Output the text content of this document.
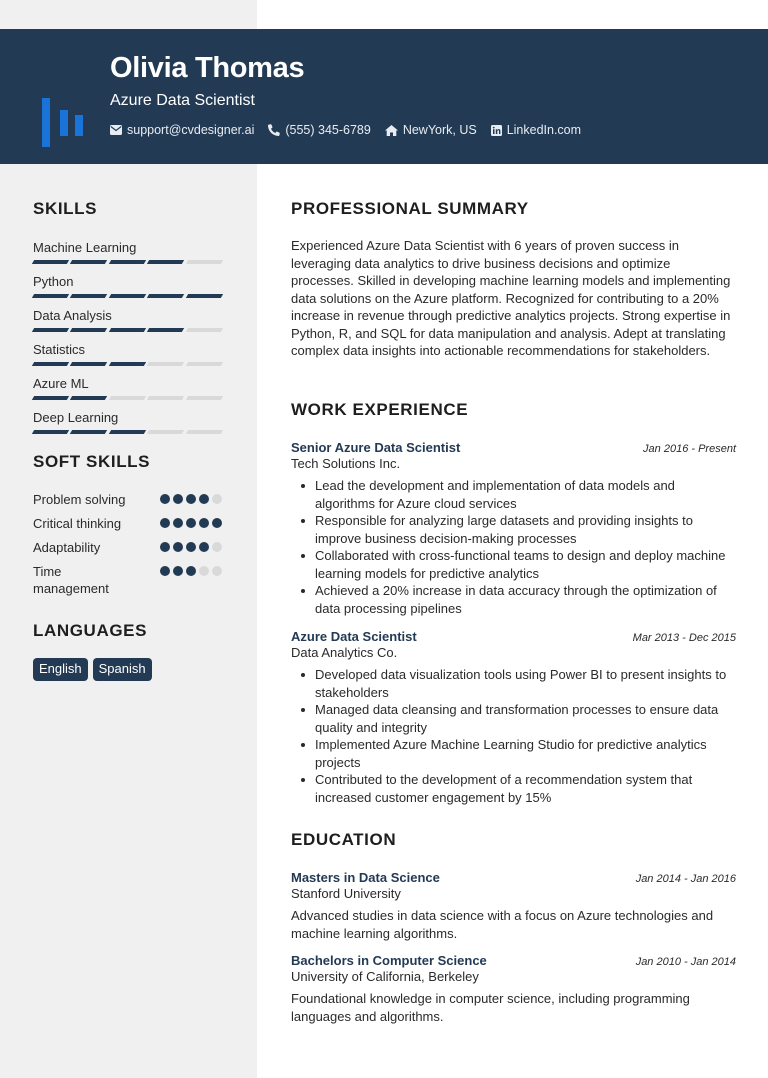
Olivia Thomas
Azure Data Scientist
support@cvdesigner.ai (555) 345-6789	NewYork, US LinkedIn.com
SKILLS
Machine Learning
Python
Data Analysis
Statistics
Azure ML
Deep Learning
SOFT SKILLS
Problem solving
Critical thinking
Adaptability
Time management
LANGUAGES
English	Spanish
PROFESSIONAL SUMMARY
Experienced Azure Data Scientist with 6 years of proven success in leveraging data analytics to drive business decisions and optimize processes. Skilled in developing machine learning models and implementing data solutions on the Azure platform. Recognized for contributing to a 20% increase in revenue through predictive analytics projects. Strong expertise in Python, R, and SQL for data manipulation and analysis. Adept at translating complex data insights into actionable recommendations for stakeholders.
WORK EXPERIENCE
Senior Azure Data Scientist	Jan 2016 - Present
Tech Solutions Inc.
Lead the development and implementation of data models and algorithms for Azure cloud services
Responsible for analyzing large datasets and providing insights to improve business decision-making processes
Collaborated with cross-functional teams to design and deploy machine learning models for predictive analytics
Achieved a 20% increase in data accuracy through the optimization of data processing pipelines
Azure Data Scientist	Mar 2013 - Dec 2015
Data Analytics Co.
Developed data visualization tools using Power BI to present insights to stakeholders
Managed data cleansing and transformation processes to ensure data quality and integrity
Implemented Azure Machine Learning Studio for predictive analytics projects
Contributed to the development of a recommendation system that increased customer engagement by 15%
EDUCATION
Masters in Data Science	Jan 2014 - Jan 2016
Stanford University
Advanced studies in data science with a focus on Azure technologies and machine learning algorithms.
Bachelors in Computer Science	Jan 2010 - Jan 2014
University of California, Berkeley
Foundational knowledge in computer science, including programming languages and algorithms.
